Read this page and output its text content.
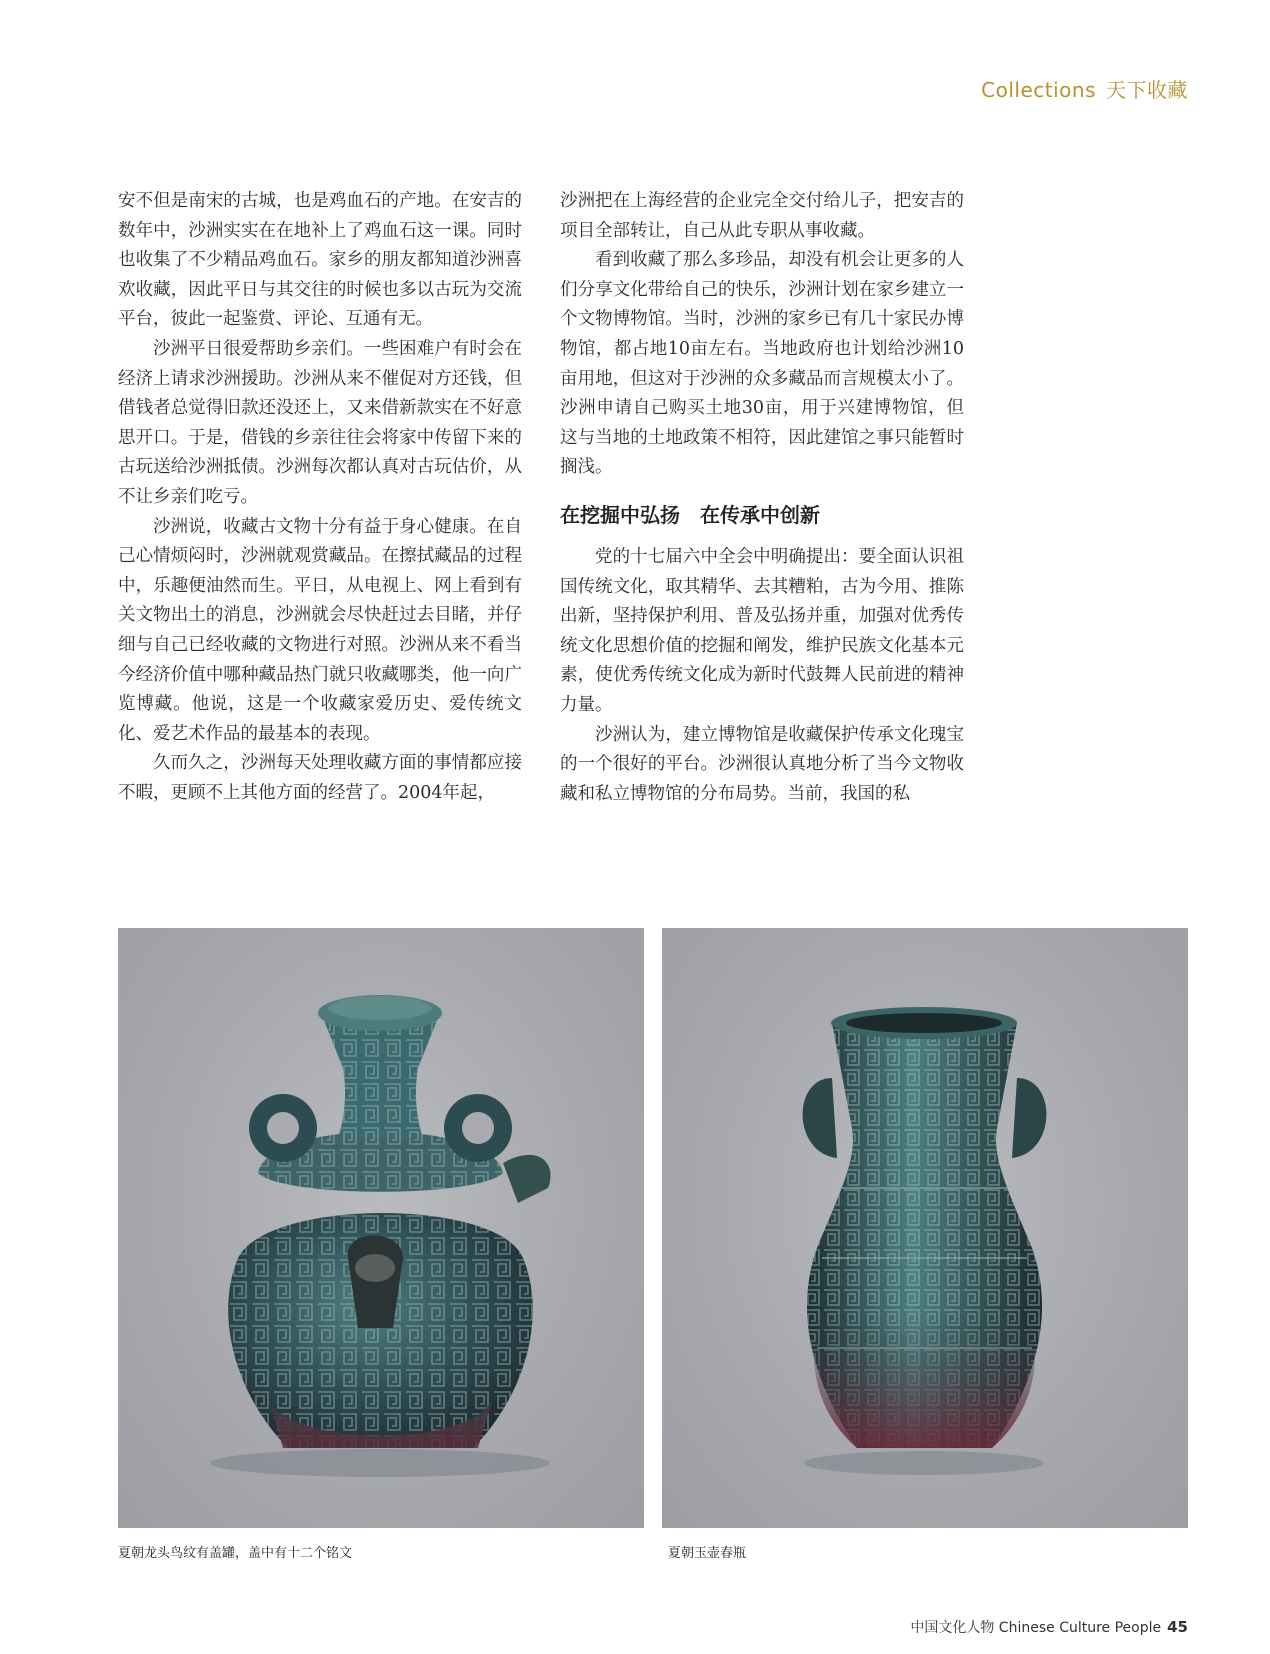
Collections 天下收藏

安不但是南宋的古城，也是鸡血石的产地。在安吉的数年中，沙洲实实在在地补上了鸡血石这一课。同时也收集了不少精品鸡血石。家乡的朋友都知道沙洲喜欢收藏，因此平日与其交往的时候也多以古玩为交流平台，彼此一起鉴赏、评论、互通有无。

沙洲平日很爱帮助乡亲们。一些困难户有时会在经济上请求沙洲援助。沙洲从来不催促对方还钱，但借钱者总觉得旧款还没还上，又来借新款实在不好意思开口。于是，借钱的乡亲往往会将家中传留下来的古玩送给沙洲抵债。沙洲每次都认真对古玩估价，从不让乡亲们吃亏。

沙洲说，收藏古文物十分有益于身心健康。在自己心情烦闷时，沙洲就观赏藏品。在擦拭藏品的过程中，乐趣便油然而生。平日，从电视上、网上看到有关文物出土的消息，沙洲就会尽快赶过去目睹，并仔细与自己已经收藏的文物进行对照。沙洲从来不看当今经济价值中哪种藏品热门就只收藏哪类，他一向广览博藏。他说，这是一个收藏家爱历史、爱传统文化、爱艺术作品的最基本的表现。

久而久之，沙洲每天处理收藏方面的事情都应接不暇，更顾不上其他方面的经营了。2004年起，

沙洲把在上海经营的企业完全交付给儿子，把安吉的项目全部转让，自己从此专职从事收藏。

看到收藏了那么多珍品，却没有机会让更多的人们分享文化带给自己的快乐，沙洲计划在家乡建立一个文物博物馆。当时，沙洲的家乡已有几十家民办博物馆，都占地10亩左右。当地政府也计划给沙洲10亩用地，但这对于沙洲的众多藏品而言规模太小了。沙洲申请自己购买土地30亩，用于兴建博物馆，但这与当地的土地政策不相符，因此建馆之事只能暂时搁浅。

在挖掘中弘扬　在传承中创新

党的十七届六中全会中明确提出：要全面认识祖国传统文化，取其精华、去其糟粕，古为今用、推陈出新，坚持保护利用、普及弘扬并重，加强对优秀传统文化思想价值的挖掘和阐发，维护民族文化基本元素，使优秀传统文化成为新时代鼓舞人民前进的精神力量。

沙洲认为，建立博物馆是收藏保护传承文化瑰宝的一个很好的平台。沙洲很认真地分析了当今文物收藏和私立博物馆的分布局势。当前，我国的私

夏朝龙头鸟纹有盖罐，盖中有十二个铭文	夏朝玉壶春瓶
中国文化人物 Chinese Culture People 45
